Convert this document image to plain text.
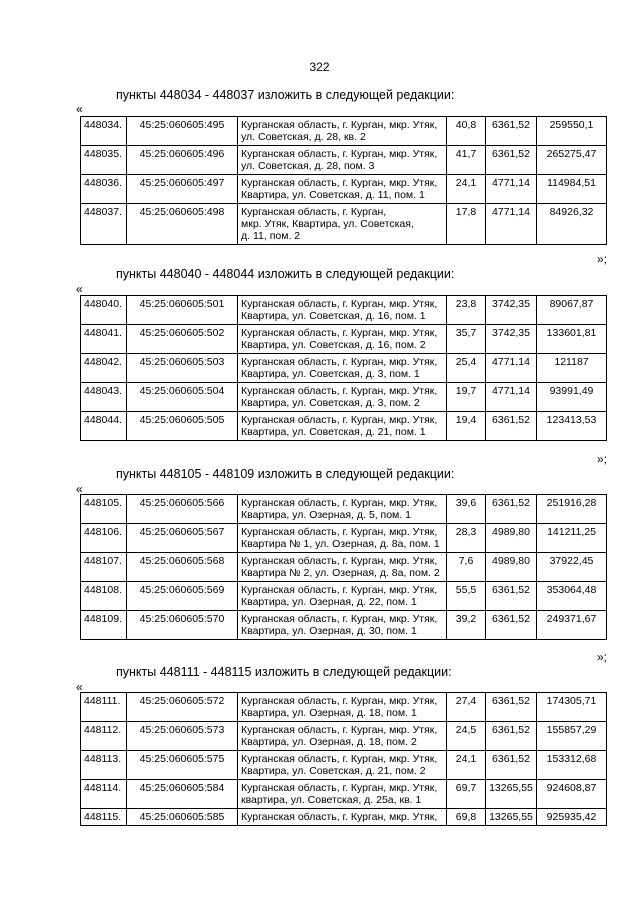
322
пункты 448034 - 448037 изложить в следующей редакции:
«
448034.	45:25:060605:495	Курганская область, г. Курган, мкр. Утяк,
ул. Советская, д. 28, кв. 2	40,8	6361,52	259550,1
448035.	45:25:060605:496	Курганская область, г. Курган, мкр. Утяк,
ул. Советская, д. 28, пом. 3	41,7	6361,52	265275,47
448036.	45:25:060605:497	Курганская область, г. Курган, мкр. Утяк,
Квартира, ул. Советская, д. 11, пом. 1	24,1	4771,14	114984,51
448037.	45:25:060605:498	Курганская область, г. Курган,
мкр. Утяк, Квартира, ул. Советская,
д. 11, пом. 2	17,8	4771,14	84926,32
»;
пункты 448040 - 448044 изложить в следующей редакции:
«
448040.	45:25:060605:501	Курганская область, г. Курган, мкр. Утяк,
Квартира, ул. Советская, д. 16, пом. 1	23,8	3742,35	89067,87
448041.	45:25:060605:502	Курганская область, г. Курган, мкр. Утяк,
Квартира, ул. Советская, д. 16, пом. 2	35,7	3742,35	133601,81
448042.	45:25:060605:503	Курганская область, г. Курган, мкр. Утяк,
Квартира, ул. Советская, д. 3, пом. 1	25,4	4771,14	121187
448043.	45:25:060605:504	Курганская область, г. Курган, мкр. Утяк,
Квартира, ул. Советская, д. 3, пом. 2	19,7	4771,14	93991,49
448044.	45:25:060605:505	Курганская область, г. Курган, мкр. Утяк,
Квартира, ул. Советская, д. 21, пом. 1	19,4	6361,52	123413,53
»;
пункты 448105 - 448109 изложить в следующей редакции:
«
448105.	45:25:060605:566	Курганская область, г. Курган, мкр. Утяк,
Квартира, ул. Озерная, д. 5, пом. 1	39,6	6361,52	251916,28
448106.	45:25:060605:567	Курганская область, г. Курган, мкр. Утяк,
Квартира № 1, ул. Озерная, д. 8а, пом. 1	28,3	4989,80	141211,25
448107.	45:25:060605:568	Курганская область, г. Курган, мкр. Утяк,
Квартира № 2, ул. Озерная, д. 8а, пом. 2	7,6	4989,80	37922,45
448108.	45:25:060605:569	Курганская область, г. Курган, мкр. Утяк,
Квартира, ул. Озерная, д. 22, пом. 1	55,5	6361,52	353064,48
448109.	45:25:060605:570	Курганская область, г. Курган, мкр. Утяк,
Квартира, ул. Озерная, д. 30, пом. 1	39,2	6361,52	249371,67
»;
пункты 448111 - 448115 изложить в следующей редакции:
«
448111.	45:25:060605:572	Курганская область, г. Курган, мкр. Утяк,
Квартира, ул. Озерная, д. 18, пом. 1	27,4	6361,52	174305,71
448112.	45:25:060605:573	Курганская область, г. Курган, мкр. Утяк,
Квартира, ул. Озерная, д. 18, пом. 2	24,5	6361,52	155857,29
448113.	45:25:060605:575	Курганская область, г. Курган, мкр. Утяк,
Квартира, ул. Советская, д. 21, пом. 2	24,1	6361,52	153312,68
448114.	45:25:060605:584	Курганская область, г. Курган, мкр. Утяк,
квартира, ул. Советская, д. 25а, кв. 1	69,7	13265,55	924608,87
448115.	45:25:060605:585	Курганская область, г. Курган, мкр. Утяк,	69,8	13265,55	925935,42
